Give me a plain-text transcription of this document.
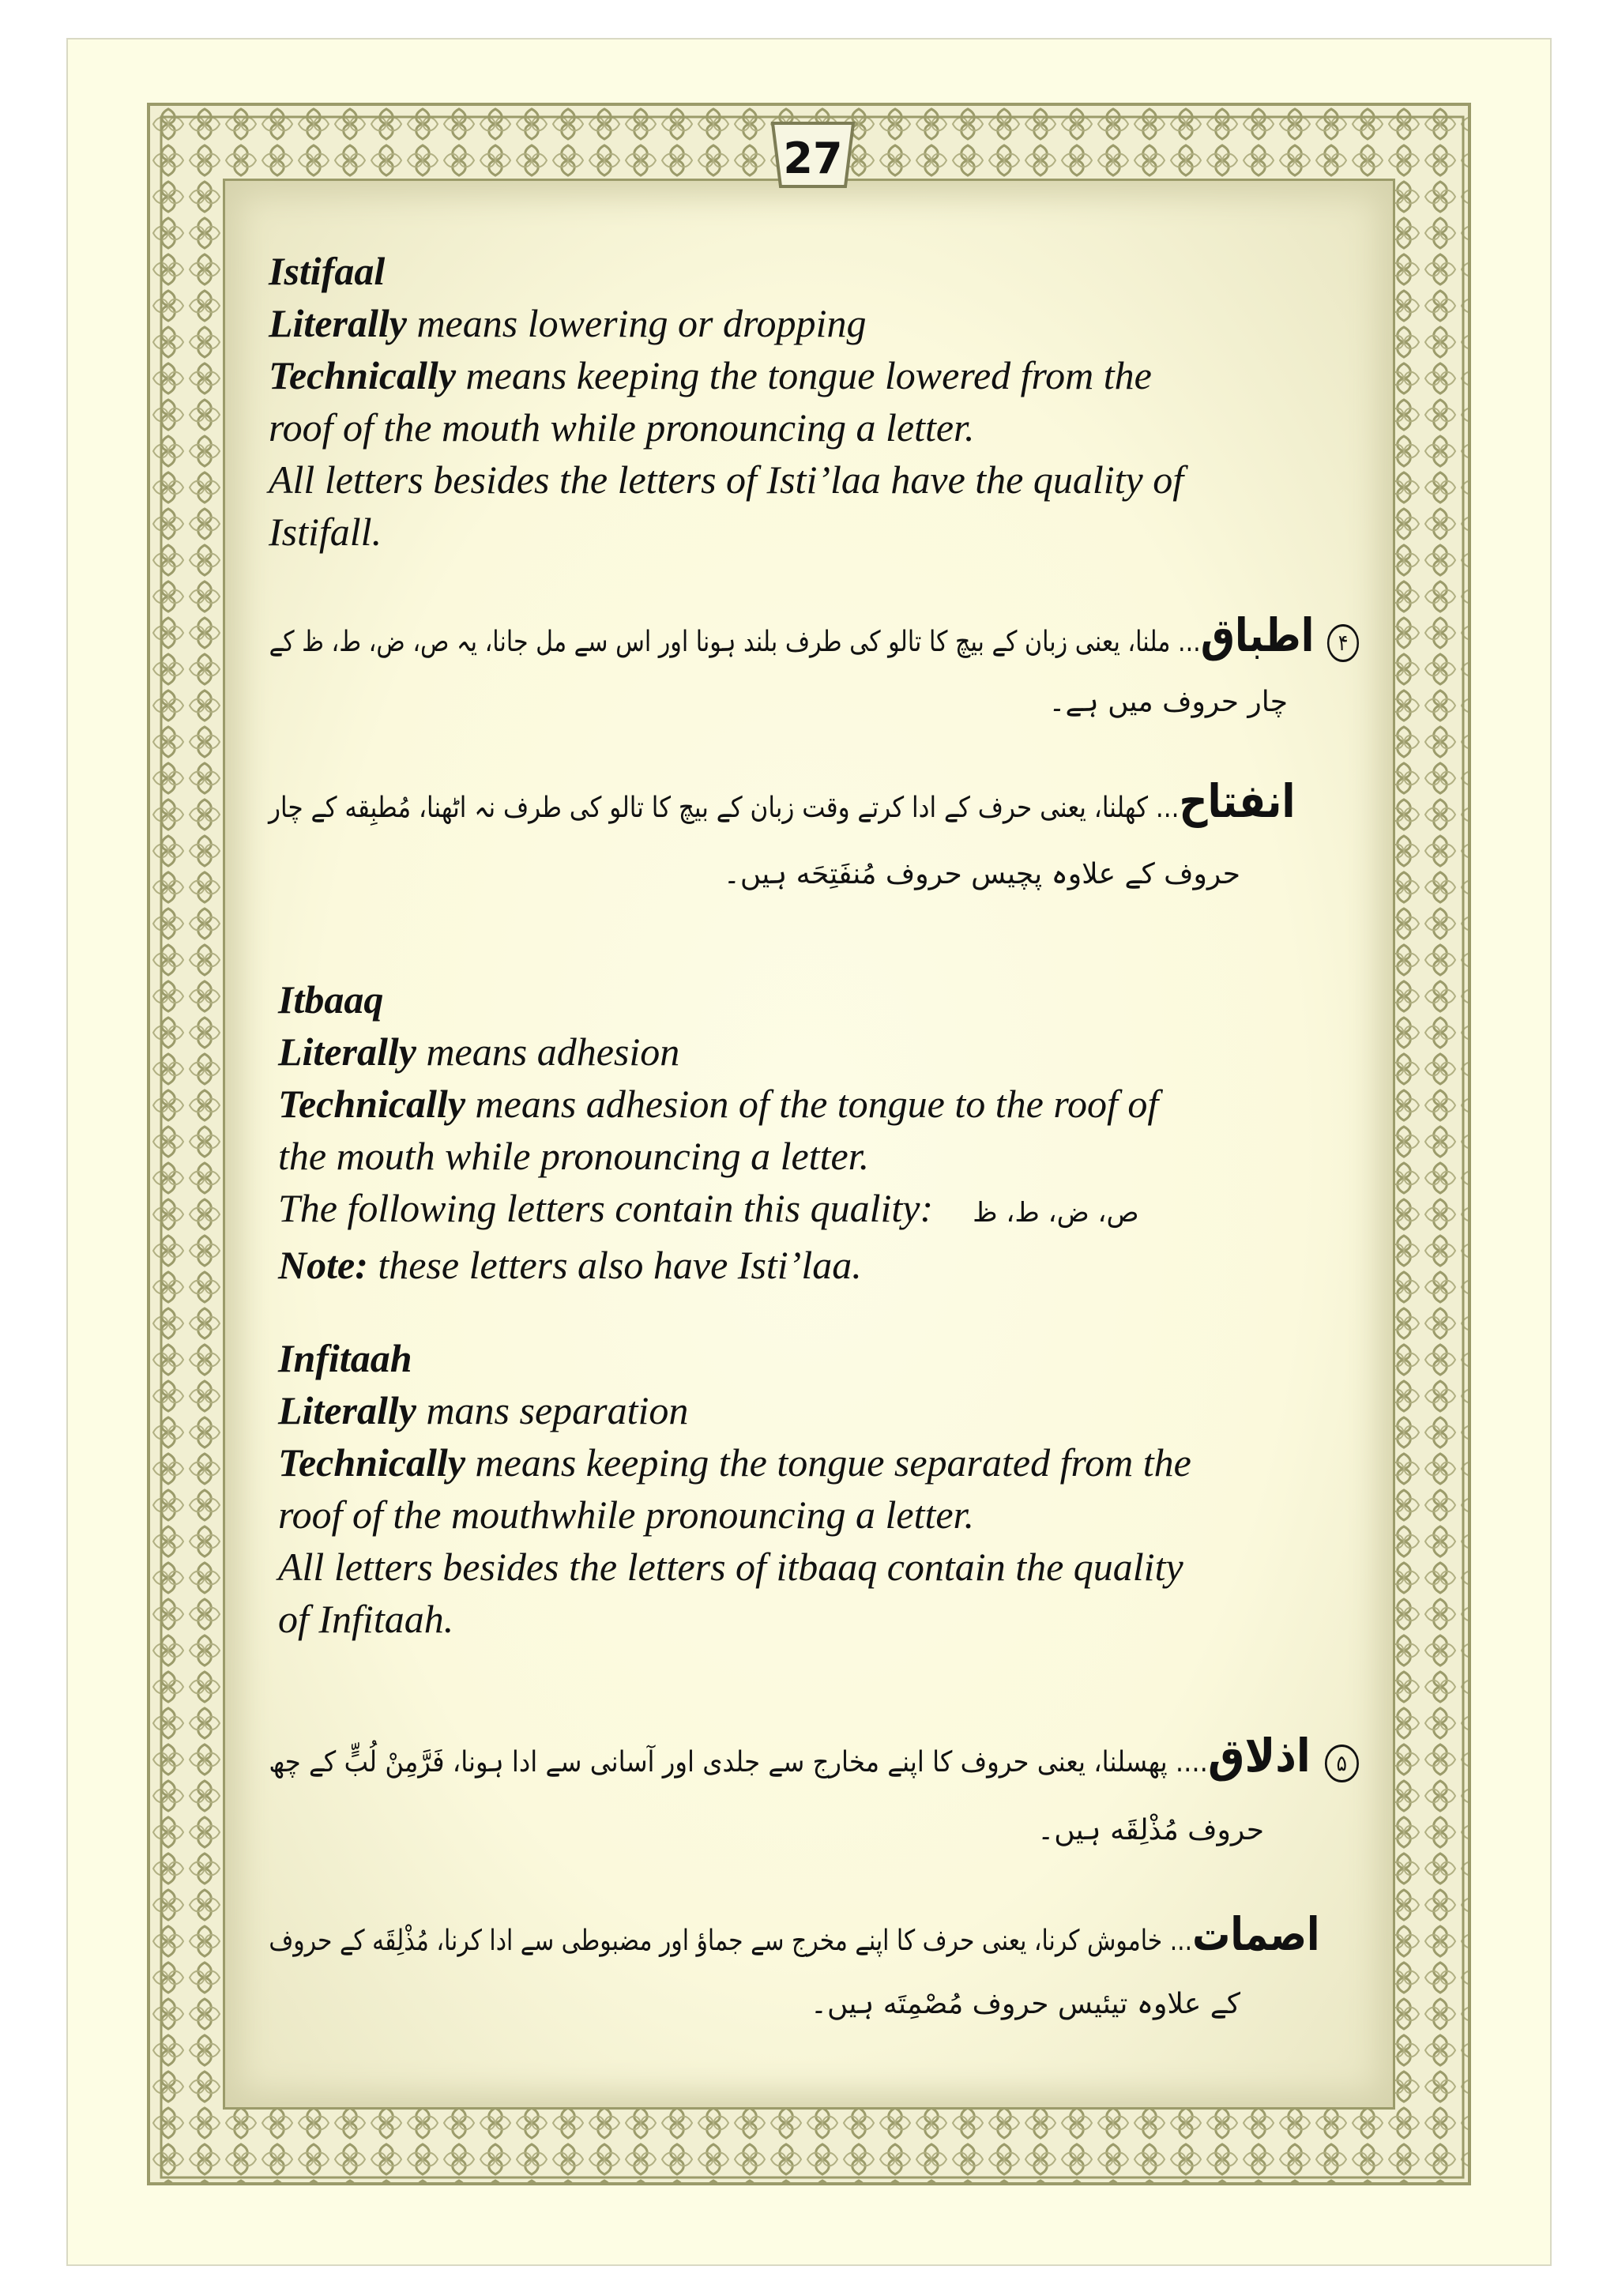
27
Istifaal
Literally means lowering or dropping
Technically means keeping the tongue lowered from the
roof of the mouth while pronouncing a letter.
All letters besides the letters of Isti’laa have the quality of
Istifall.
۴اطباق... ملنا، یعنی زبان کے بیچ کا تالو کی طرف بلند ہونا اور اس سے مل جانا، یہ ص، ض، ط، ظ کے
چار حروف میں ہے۔
انفتاح... کھلنا، یعنی حرف کے ادا کرتے وقت زبان کے بیچ کا تالو کی طرف نہ اٹھنا، مُطبِقه کے چار
حروف کے علاوہ پچیس حروف مُنفَتِحَه ہیں۔
Itbaaq
Literally means adhesion
Technically means adhesion of the tongue to the roof of
the mouth while pronouncing a letter.
The following letters contain this quality: ص، ض، ط، ظ
Note: these letters also have Isti’laa.
Infitaah
Literally mans separation
Technically means keeping the tongue separated from the
roof of the mouthwhile pronouncing a letter.
All letters besides the letters of itbaaq contain the quality
of Infitaah.
۵اذلاق.... پھسلنا، یعنی حروف کا اپنے مخارج سے جلدی اور آسانی سے ادا ہونا، فَرَّمِنْ لُبٍّ کے چھ
حروف مُذْلِقَه ہیں۔
اصمات... خاموش کرنا، یعنی حرف کا اپنے مخرج سے جماؤ اور مضبوطی سے ادا کرنا، مُذْلِقَه کے حروف
کے علاوہ تیئیس حروف مُصْمِتَه ہیں۔
